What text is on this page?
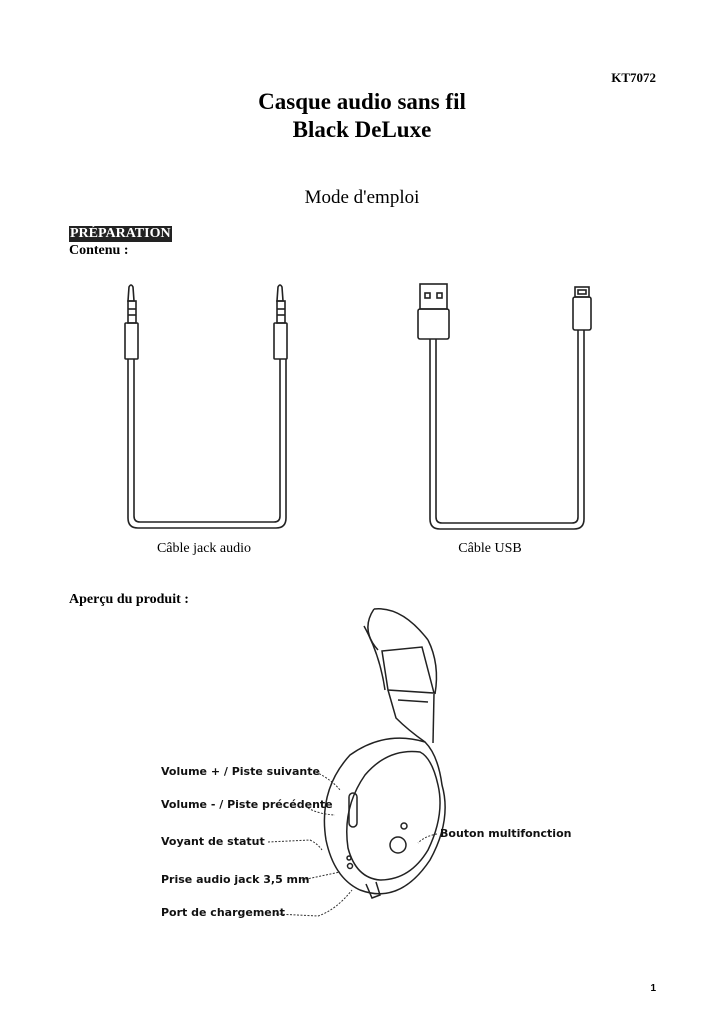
KT7072
Casque audio sans fil
Black DeLuxe
Mode d'emploi
PRÉPARATION
Contenu :
Câble jack audio	Câble USB
Aperçu du produit :
Volume + / Piste suivante
Volume - / Piste précédente
Voyant de statut
Prise audio jack 3,5 mm
Port de chargement
Bouton multifonction
1
